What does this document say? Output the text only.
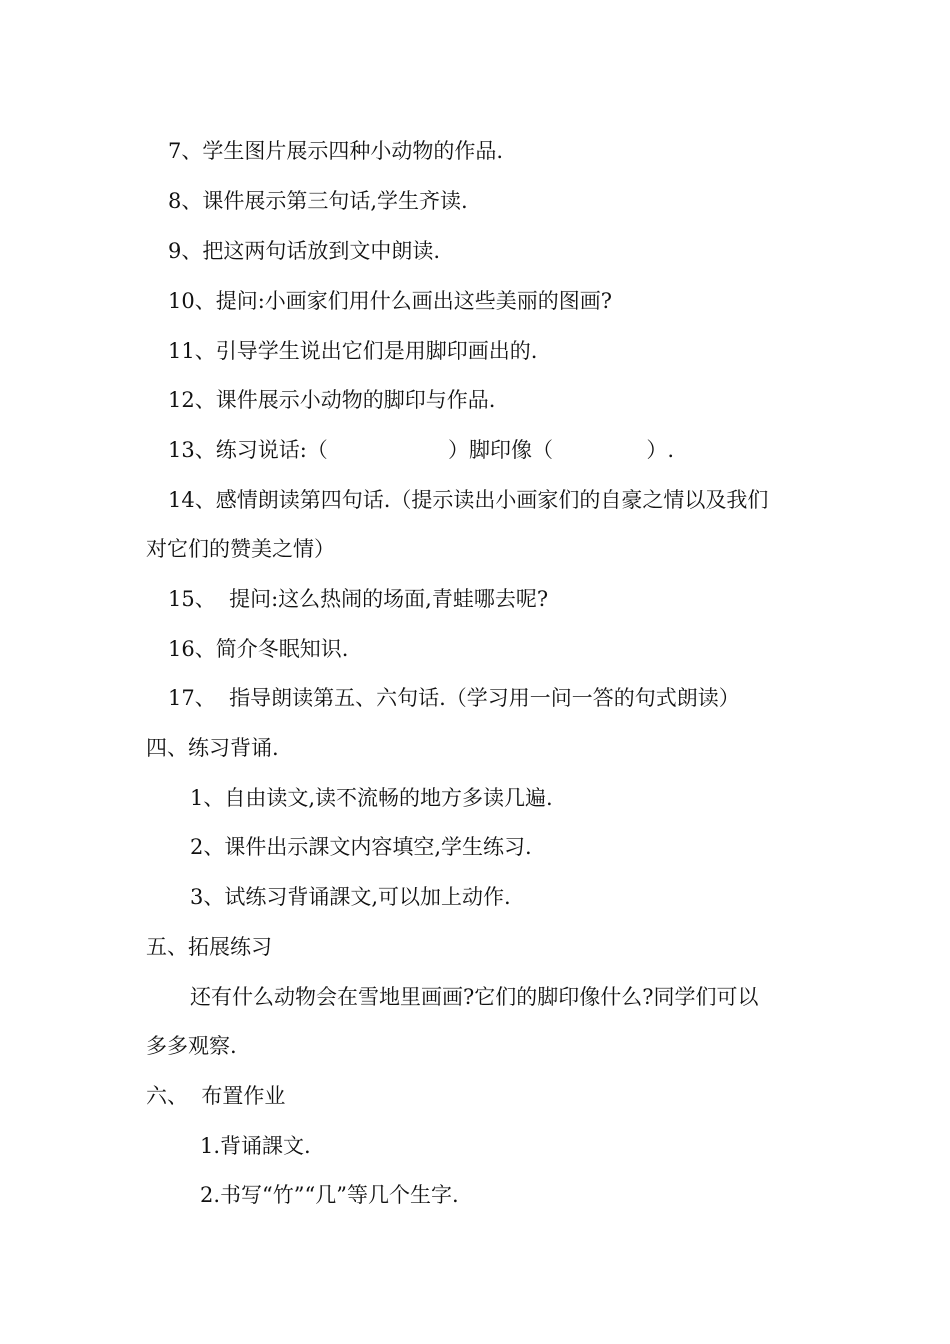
7、学生图片展示四种小动物的作品.
8、课件展示第三句话,学生齐读.
9、把这两句话放到文中朗读.
10、提问:小画家们用什么画出这些美丽的图画?
11、引导学生说出它们是用脚印画出的.
12、课件展示小动物的脚印与作品.
13、练习说话:（                  ）脚印像（              ）.
14、感情朗读第四句话.（提示读出小画家们的自豪之情以及我们
对它们的赞美之情）
15、  提问:这么热闹的场面,青蛙哪去呢?
16、简介冬眠知识.
17、  指导朗读第五、六句话.（学习用一问一答的句式朗读）
四、练习背诵.
1、自由读文,读不流畅的地方多读几遍.
2、课件出示課文内容填空,学生练习.
3、试练习背诵課文,可以加上动作.
五、拓展练习
还有什么动物会在雪地里画画?它们的脚印像什么?同学们可以
多多观察.
六、  布置作业
1.背诵課文.
2.书写“竹”“几”等几个生字.
